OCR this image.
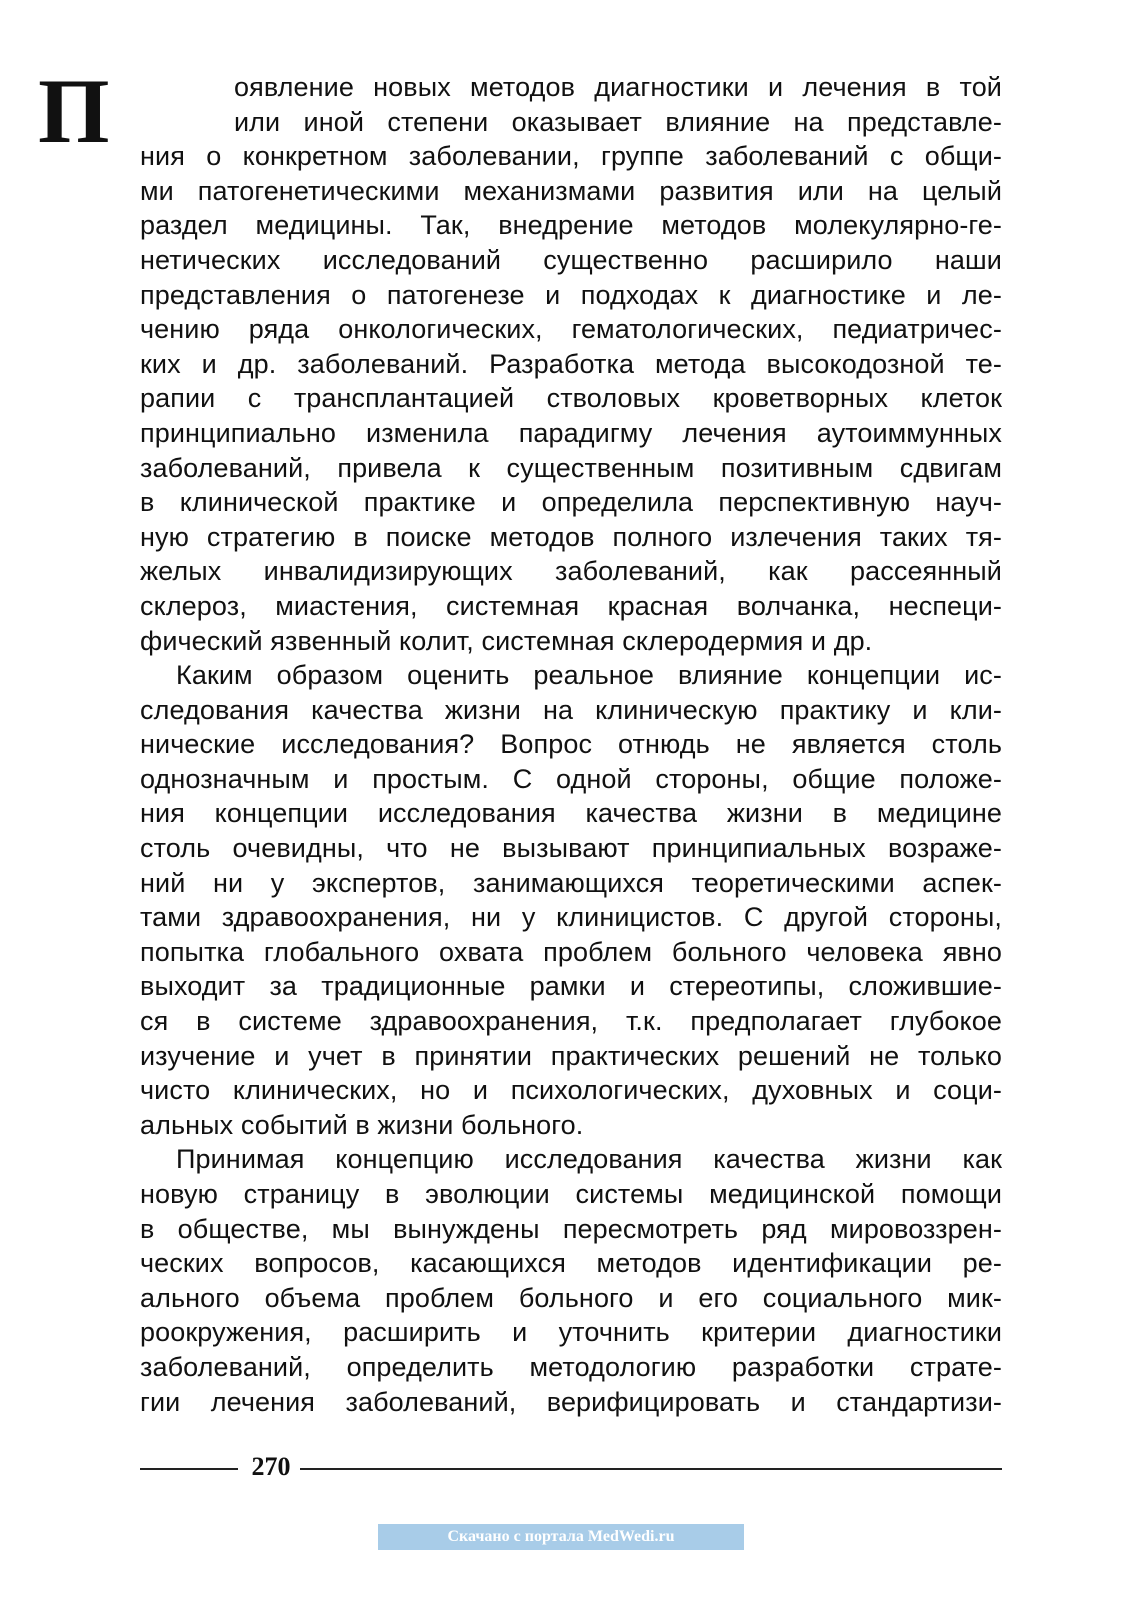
П	оявление новых методов диагностики и лечения в той
или иной степени оказывает влияние на представле-
ния о конкретном заболевании, группе заболеваний с общи-
ми патогенетическими механизмами развития или на целый
раздел медицины. Так, внедрение методов молекулярно-ге-
нетических исследований существенно расширило наши
представления о патогенезе и подходах к диагностике и ле-
чению ряда онкологических, гематологических, педиатричес-
ких и др. заболеваний. Разработка метода высокодозной те-
рапии с трансплантацией стволовых кроветворных клеток
принципиально изменила парадигму лечения аутоиммунных
заболеваний, привела к существенным позитивным сдвигам
в клинической практике и определила перспективную науч-
ную стратегию в поиске методов полного излечения таких тя-
желых инвалидизирующих заболеваний, как рассеянный
склероз, миастения, системная красная волчанка, неспеци-
фический язвенный колит, системная склеродермия и др.
Каким образом оценить реальное влияние концепции ис-
следования качества жизни на клиническую практику и кли-
нические исследования? Вопрос отнюдь не является столь
однозначным и простым. С одной стороны, общие положе-
ния концепции исследования качества жизни в медицине
столь очевидны, что не вызывают принципиальных возраже-
ний ни у экспертов, занимающихся теоретическими аспек-
тами здравоохранения, ни у клиницистов. С другой стороны,
попытка глобального охвата проблем больного человека явно
выходит за традиционные рамки и стереотипы, сложившие-
ся в системе здравоохранения, т.к. предполагает глубокое
изучение и учет в принятии практических решений не только
чисто клинических, но и психологических, духовных и соци-
альных событий в жизни больного.
Принимая концепцию исследования качества жизни как
новую страницу в эволюции системы медицинской помощи
в обществе, мы вынуждены пересмотреть ряд мировоззрен-
ческих вопросов, касающихся методов идентификации ре-
ального объема проблем больного и его социального мик-
роокружения, расширить и уточнить критерии диагностики
заболеваний, определить методологию разработки страте-
гии лечения заболеваний, верифицировать и стандартизи-
270
Скачано с портала MedWedi.ru
